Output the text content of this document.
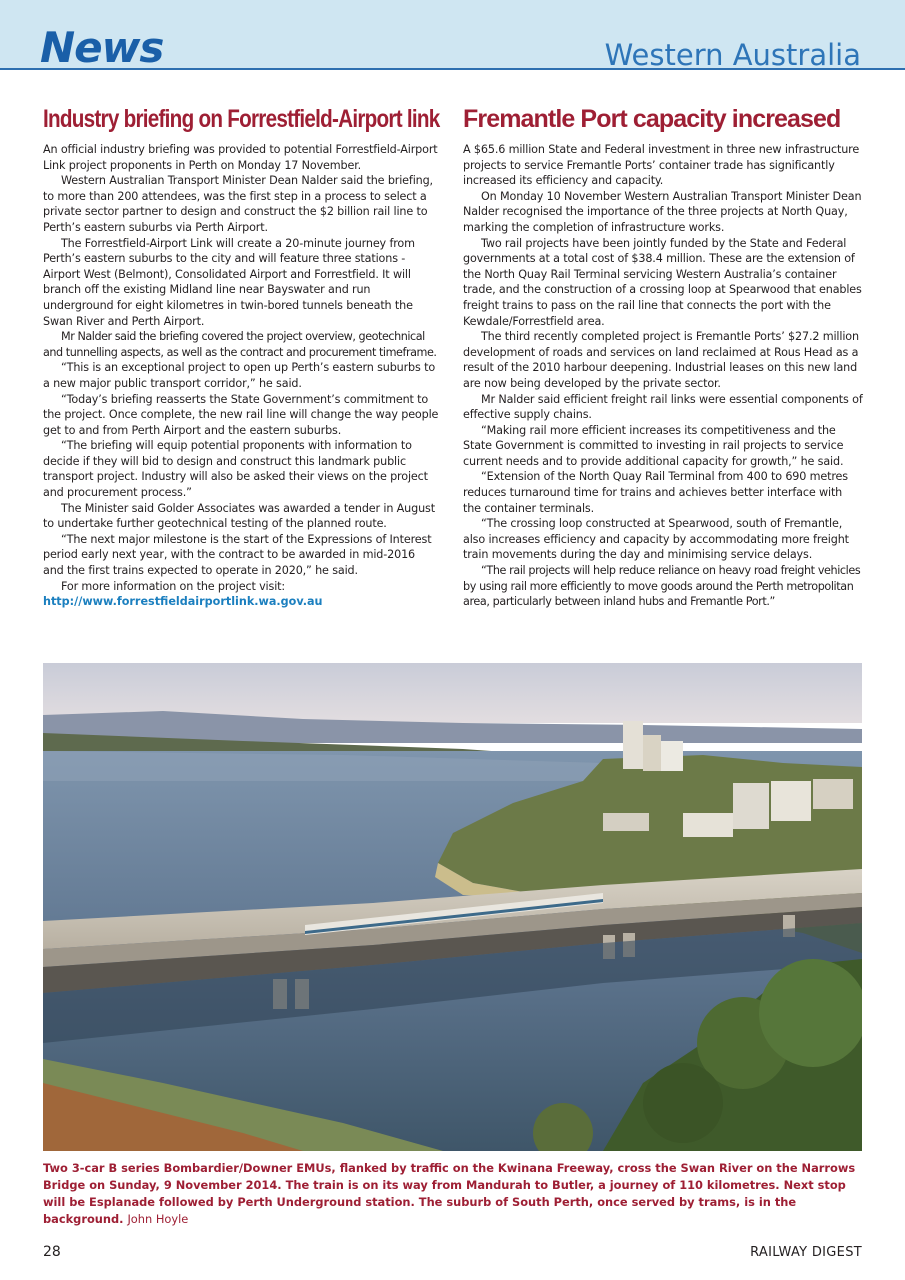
News	Western Australia
Industry briefing on Forrestfield-Airport link

An official industry briefing was provided to potential Forrestfield-Airport Link project proponents in Perth on Monday 17 November.

Western Australian Transport Minister Dean Nalder said the briefing, to more than 200 attendees, was the first step in a process to select a private sector partner to design and construct the $2 billion rail line to Perth’s eastern suburbs via Perth Airport.

The Forrestfield-Airport Link will create a 20-minute journey from Perth’s eastern suburbs to the city and will feature three stations - Airport West (Belmont), Consolidated Airport and Forrestfield. It will branch off the existing Midland line near Bayswater and run underground for eight kilometres in twin-bored tunnels beneath the Swan River and Perth Airport.

Mr Nalder said the briefing covered the project overview, geotechnical and tunnelling aspects, as well as the contract and procurement timeframe.

“This is an exceptional project to open up Perth’s eastern suburbs to a new major public transport corridor,” he said.

“Today’s briefing reasserts the State Government’s commitment to the project. Once complete, the new rail line will change the way people get to and from Perth Airport and the eastern suburbs.

“The briefing will equip potential proponents with information to decide if they will bid to design and construct this landmark public transport project. Industry will also be asked their views on the project and procurement process.”

The Minister said Golder Associates was awarded a tender in August to undertake further geotechnical testing of the planned route.

“The next major milestone is the start of the Expressions of Interest period early next year, with the contract to be awarded in mid-2016 and the first trains expected to operate in 2020,” he said.

For more information on the project visit:

http://www.forrestfieldairportlink.wa.gov.au
Fremantle Port capacity increased

A $65.6 million State and Federal investment in three new infrastructure projects to service Fremantle Ports’ container trade has significantly increased its efficiency and capacity.

On Monday 10 November Western Australian Transport Minister Dean Nalder recognised the importance of the three projects at North Quay, marking the completion of infrastructure works.

Two rail projects have been jointly funded by the State and Federal governments at a total cost of $38.4 million. These are the extension of the North Quay Rail Terminal servicing Western Australia’s container trade, and the construction of a crossing loop at Spearwood that enables freight trains to pass on the rail line that connects the port with the Kewdale/Forrestfield area.

The third recently completed project is Fremantle Ports’ $27.2 million development of roads and services on land reclaimed at Rous Head as a result of the 2010 harbour deepening. Industrial leases on this new land are now being developed by the private sector.

Mr Nalder said efficient freight rail links were essential components of effective supply chains.

“Making rail more efficient increases its competitiveness and the State Government is committed to investing in rail projects to service current needs and to provide additional capacity for growth,” he said.

“Extension of the North Quay Rail Terminal from 400 to 690 metres reduces turnaround time for trains and achieves better interface with the container terminals.

“The crossing loop constructed at Spearwood, south of Fremantle, also increases efficiency and capacity by accommodating more freight train movements during the day and minimising service delays.

“The rail projects will help reduce reliance on heavy road freight vehicles by using rail more efficiently to move goods around the Perth metropolitan area, particularly between inland hubs and Fremantle Port.”

Two 3-car B series Bombardier/Downer EMUs, flanked by traffic on the Kwinana Freeway, cross the Swan River on the Narrows Bridge on Sunday, 9 November 2014. The train is on its way from Mandurah to Butler, a journey of 110 kilometres. Next stop will be Esplanade followed by Perth Underground station. The suburb of South Perth, once served by trams, is in the background. John Hoyle

28	RAILWAY DIGEST
